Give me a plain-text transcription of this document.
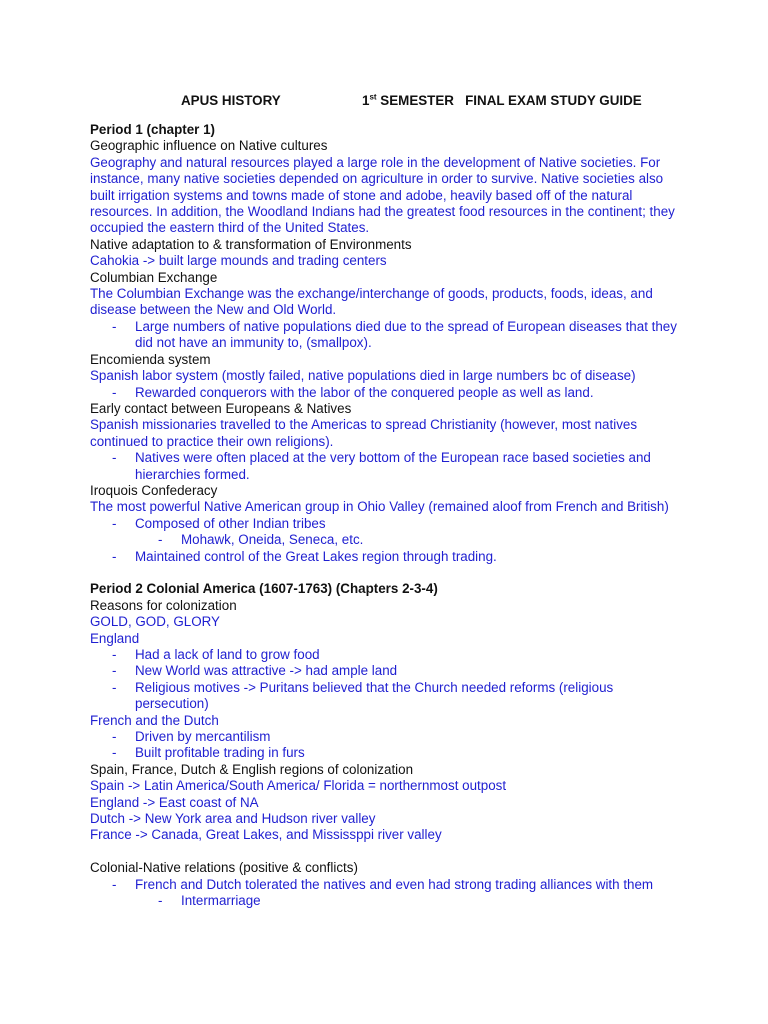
APUS HISTORY	1st SEMESTER   FINAL EXAM STUDY GUIDE
Period 1 (chapter 1)
Geographic influence on Native cultures
Geography and natural resources played a large role in the development of Native societies. For instance, many native societies depended on agriculture in order to survive. Native societies also built irrigation systems and towns made of stone and adobe, heavily based off of the natural resources. In addition, the Woodland Indians had the greatest food resources in the continent; they occupied the eastern third of the United States.
Native adaptation to & transformation of Environments
Cahokia -> built large mounds and trading centers
Columbian Exchange
The Columbian Exchange was the exchange/interchange of goods, products, foods, ideas, and disease between the New and Old World.
- Large numbers of native populations died due to the spread of European diseases that they did not have an immunity to, (smallpox).
Encomienda system
Spanish labor system (mostly failed, native populations died in large numbers bc of disease)
- Rewarded conquerors with the labor of the conquered people as well as land.
Early contact between Europeans & Natives
Spanish missionaries travelled to the Americas to spread Christianity (however, most natives continued to practice their own religions).
- Natives were often placed at the very bottom of the European race based societies and hierarchies formed.
Iroquois Confederacy
The most powerful Native American group in Ohio Valley (remained aloof from French and British)
- Composed of other Indian tribes
- Mohawk, Oneida, Seneca, etc.
- Maintained control of the Great Lakes region through trading.
Period 2 Colonial America (1607-1763) (Chapters 2-3-4)
Reasons for colonization
GOLD, GOD, GLORY
England
- Had a lack of land to grow food
- New World was attractive -> had ample land
- Religious motives -> Puritans believed that the Church needed reforms (religious persecution)
French and the Dutch
- Driven by mercantilism
- Built profitable trading in furs
Spain, France, Dutch & English regions of colonization
Spain -> Latin America/South America/ Florida = northernmost outpost
England -> East coast of NA
Dutch -> New York area and Hudson river valley
France -> Canada, Great Lakes, and Mississppi river valley
Colonial-Native relations (positive & conflicts)
- French and Dutch tolerated the natives and even had strong trading alliances with them
- Intermarriage
